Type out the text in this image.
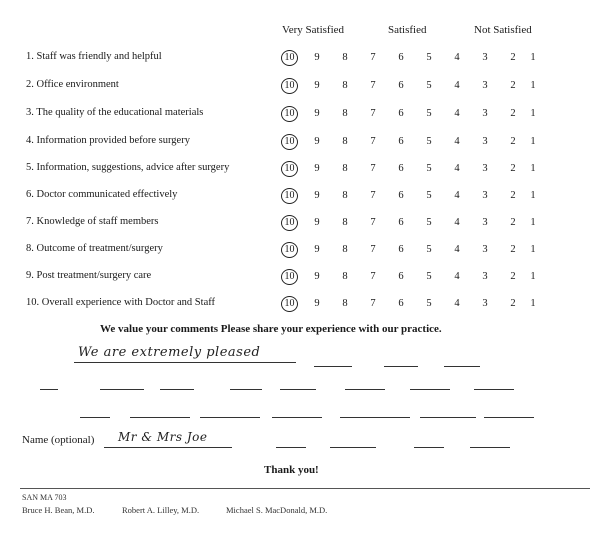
Very Satisfied	Satisfied	Not Satisfied
1. Staff was friendly and helpful	10	9	8	7	6	5	4	3	2	1
2. Office environment	10	9	8	7	6	5	4	3	2	1
3. The quality of the educational materials	10	9	8	7	6	5	4	3	2	1
4. Information provided before surgery	10	9	8	7	6	5	4	3	2	1
5. Information, suggestions, advice after surgery	10	9	8	7	6	5	4	3	2	1
6. Doctor communicated effectively	10	9	8	7	6	5	4	3	2	1
7. Knowledge of staff members	10	9	8	7	6	5	4	3	2	1
8. Outcome of treatment/surgery	10	9	8	7	6	5	4	3	2	1
9. Post treatment/surgery care	10	9	8	7	6	5	4	3	2	1
10. Overall experience with Doctor and Staff	10	9	8	7	6	5	4	3	2	1
We value your comments Please share your experience with our practice.
We are extremely pleased
Name (optional) Mr & Mrs Joe
Thank you!
SAN MA 703
Bruce H. Bean, M.D.	Robert A. Lilley, M.D.	Michael S. MacDonald, M.D.
